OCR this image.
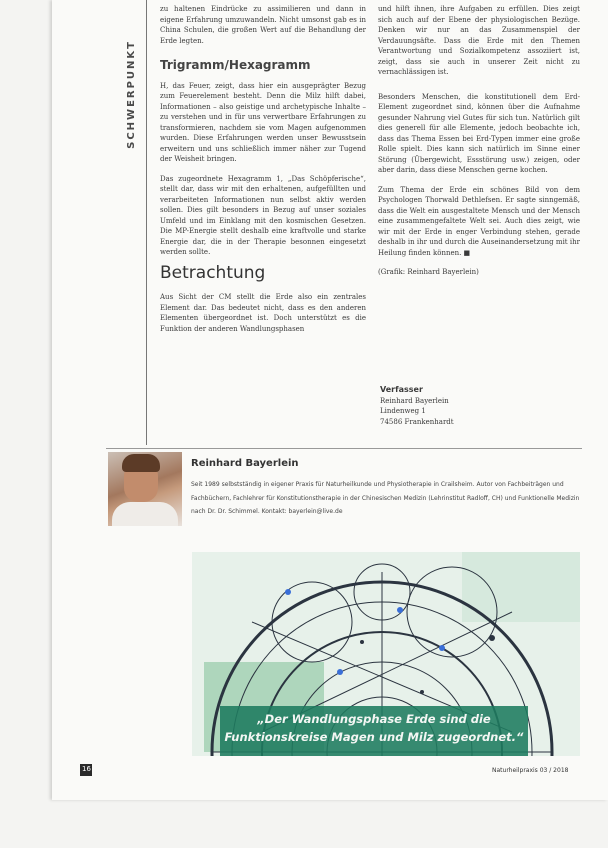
SCHWERPUNKT

zu haltenen Eindrücke zu assimilieren und dann in eigene Erfahrung umzuwandeln. Nicht umsonst gab es in China Schulen, die großen Wert auf die Behandlung der Erde legten.

Trigramm/Hexagramm

H, das Feuer, zeigt, dass hier ein ausgeprägter Bezug zum Feuerelement besteht. Denn die Milz hilft dabei, Informationen – also geistige und archetypische Inhalte – zu verstehen und in für uns verwertbare Erfahrungen zu transformieren, nachdem sie vom Magen aufgenommen wurden. Diese Erfahrungen werden unser Bewusstsein erweitern und uns schließlich immer näher zur Tugend der Weisheit bringen.

Das zugeordnete Hexagramm 1, „Das Schöpferische“, stellt dar, dass wir mit den erhaltenen, aufgefüllten und verarbeiteten Informationen nun selbst aktiv werden sollen. Dies gilt besonders in Bezug auf unser soziales Umfeld und im Einklang mit den kosmischen Gesetzen. Die MP-Energie stellt deshalb eine kraftvolle und starke Energie dar, die in der Therapie besonnen eingesetzt werden sollte.

Betrachtung

Aus Sicht der CM stellt die Erde also ein zentrales Element dar. Das bedeutet nicht, dass es den anderen Elementen übergeordnet ist. Doch unterstützt es die Funktion der anderen Wandlungsphasen

und hilft ihnen, ihre Aufgaben zu erfüllen. Dies zeigt sich auch auf der Ebene der physiologischen Bezüge. Denken wir nur an das Zusammenspiel der Verdauungsäfte. Dass die Erde mit den Themen Verantwortung und Sozialkompetenz assoziiert ist, zeigt, dass sie auch in unserer Zeit nicht zu vernachlässigen ist.

Besonders Menschen, die konstitutionell dem Erd-Element zugeordnet sind, können über die Aufnahme gesunder Nahrung viel Gutes für sich tun. Natürlich gilt dies generell für alle Elemente, jedoch beobachte ich, dass das Thema Essen bei Erd-Typen immer eine große Rolle spielt. Dies kann sich natürlich im Sinne einer Störung (Übergewicht, Essstörung usw.) zeigen, oder aber darin, dass diese Menschen gerne kochen.

Zum Thema der Erde ein schönes Bild von dem Psychologen Thorwald Dethlefsen. Er sagte sinngemäß, dass die Welt ein ausgestaltete Mensch und der Mensch eine zusammengefaltete Welt sei. Auch dies zeigt, wie wir mit der Erde in enger Verbindung stehen, gerade deshalb in ihr und durch die Auseinandersetzung mit ihr Heilung finden können. ■

(Grafik: Reinhard Bayerlein)

Verfasser
Reinhard Bayerlein
Lindenweg 1
74586 Frankenhardt
Reinhard Bayerlein
Seit 1989 selbstständig in eigener Praxis für Naturheilkunde und Physiotherapie in Crailsheim. Autor von Fachbeiträgen und Fachbüchern, Fachlehrer für Konstitutionstherapie in der Chinesischen Medizin (Lehrinstitut Radloff, CH) und Funktionelle Medizin nach Dr. Dr. Schimmel. Kontakt: bayerlein@live.de
„Der Wandlungsphase Erde sind die
Funktionskreise Magen und Milz zugeordnet.“
16	Naturheilpraxis 03 / 2018
